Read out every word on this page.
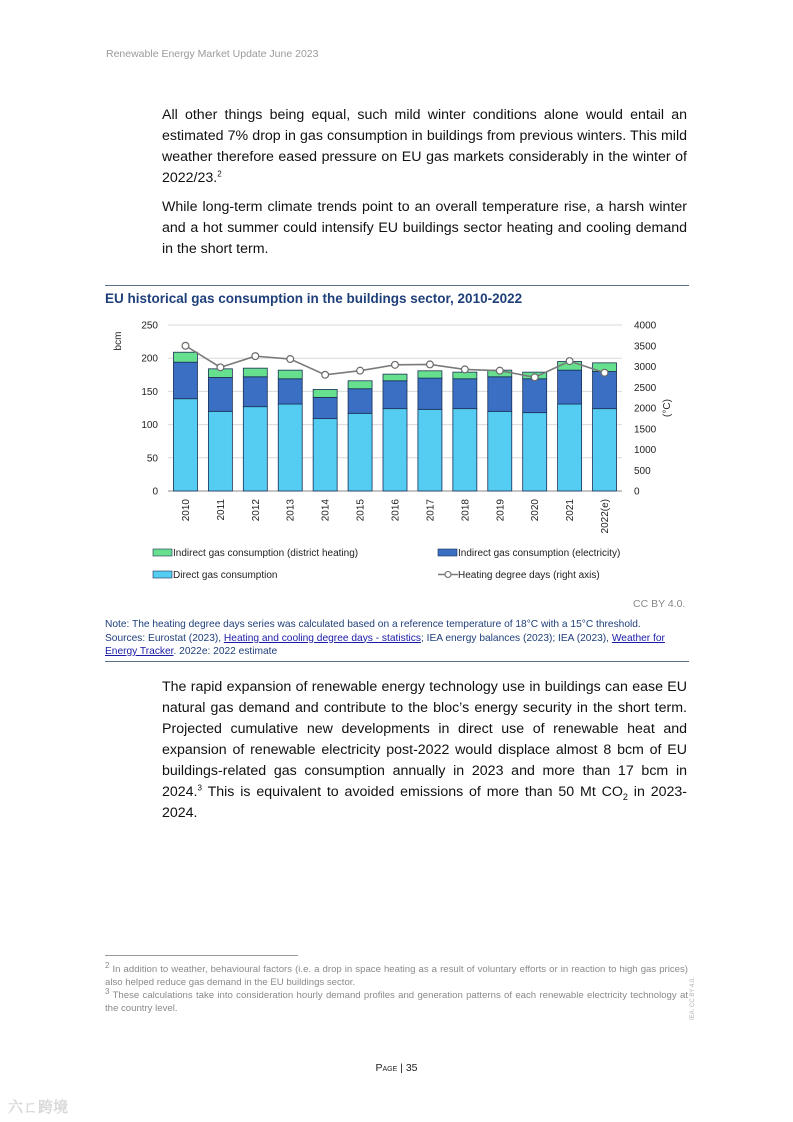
Renewable Energy Market Update June 2023

All other things being equal, such mild winter conditions alone would entail an estimated 7% drop in gas consumption in buildings from previous winters. This mild weather therefore eased pressure on EU gas markets considerably in the winter of 2022/23.$^2$

While long-term climate trends point to an overall temperature rise, a harsh winter and a hot summer could intensify EU buildings sector heating and cooling demand in the short term.
EU historical gas consumption in the buildings sector, 2010-2022
0
50
100
150
200
250
0
500
1000
1500
2000
2500
3000
3500
4000
bcm
(°C)
2010 2011 2012 2013 2014 2015 2016 2017 2018 2019 2020 2021 2022(e)
Indirect gas consumption (district heating)	Indirect gas consumption (electricity)
Direct gas consumption	Heating degree days (right axis)
CC BY 4.0.
Note: The heating degree days series was calculated based on a reference temperature of 18°C with a 15°C threshold.
Sources: Eurostat (2023), Heating and cooling degree days - statistics; IEA energy balances (2023); IEA (2023), Weather for Energy Tracker. 2022e: 2022 estimate

The rapid expansion of renewable energy technology use in buildings can ease EU natural gas demand and contribute to the bloc’s energy security in the short term. Projected cumulative new developments in direct use of renewable heat and expansion of renewable electricity post-2022 would displace almost 8 bcm of EU buildings-related gas consumption annually in 2023 and more than 17 bcm in 2024.$^3$ This is equivalent to avoided emissions of more than 50 Mt $CO_2$ in 2023-2024.

$^2$ In addition to weather, behavioural factors (i.e. a drop in space heating as a result of voluntary efforts or in reaction to high gas prices) also helped reduce gas demand in the EU buildings sector.

$^3$ These calculations take into consideration hourly demand profiles and generation patterns of each renewable electricity technology at the country level.

Page | 35
IEA. CC BY 4.0.
六ㄈ跨境
